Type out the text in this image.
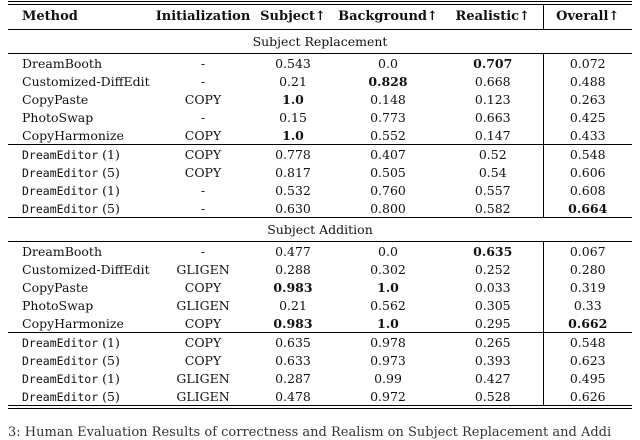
Method	Initialization	Subject↑	Background↑	Realistic↑	Overall↑
Subject Replacement					
DreamBooth	-	0.543	0.0	0.707	0.072
Customized-DiffEdit	-	0.21	0.828	0.668	0.488
CopyPaste	COPY	1.0	0.148	0.123	0.263
PhotoSwap	-	0.15	0.773	0.663	0.425
CopyHarmonize	COPY	1.0	0.552	0.147	0.433
DreamEditor (1)	COPY	0.778	0.407	0.52	0.548
DreamEditor (5)	COPY	0.817	0.505	0.54	0.606
DreamEditor (1)	-	0.532	0.760	0.557	0.608
DreamEditor (5)	-	0.630	0.800	0.582	0.664
Subject Addition					
DreamBooth	-	0.477	0.0	0.635	0.067
Customized-DiffEdit	GLIGEN	0.288	0.302	0.252	0.280
CopyPaste	COPY	0.983	1.0	0.033	0.319
PhotoSwap	GLIGEN	0.21	0.562	0.305	0.33
CopyHarmonize	COPY	0.983	1.0	0.295	0.662
DreamEditor (1)	COPY	0.635	0.978	0.265	0.548
DreamEditor (5)	COPY	0.633	0.973	0.393	0.623
DreamEditor (1)	GLIGEN	0.287	0.99	0.427	0.495
DreamEditor (5)	GLIGEN	0.478	0.972	0.528	0.626
3: Human Evaluation Results of correctness and Realism on Subject Replacement and Addi
